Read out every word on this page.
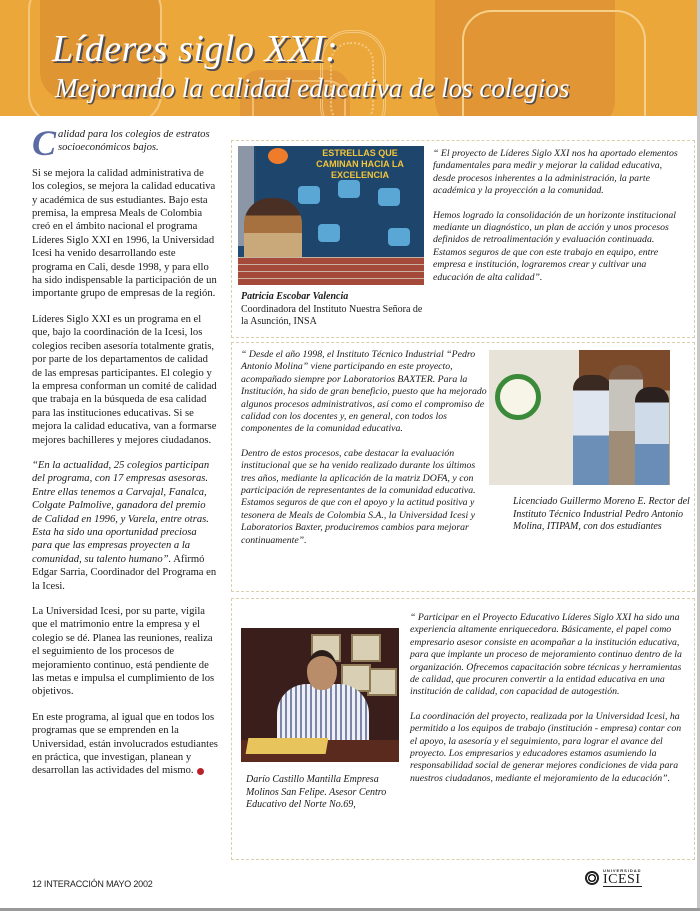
Líderes siglo XXI:
Mejorando la calidad educativa de los colegios

Calidad para los colegios de estratos socioeconómicos bajos.

Si se mejora la calidad administrativa de los colegios, se mejora la calidad educativa y académica de sus estudiantes. Bajo esta premisa, la empresa Meals de Colombia creó en el ámbito nacional el programa Líderes Siglo XXI en 1996, la Universidad Icesi ha venido desarrollando este programa en Cali, desde 1998, y para ello ha sido indispensable la participación de un importante grupo de empresas de la región.

Líderes Siglo XXI es un programa en el que, bajo la coordinación de la Icesi, los colegios reciben asesoría totalmente gratis, por parte de los departamentos de calidad de las empresas participantes. El colegio y la empresa conforman un comité de calidad que trabaja en la búsqueda de esa calidad para las instituciones educativas. Si se mejora la calidad educativa, van a formarse mejores bachilleres y mejores ciudadanos.

“En la actualidad, 25 colegios participan del programa, con 17 empresas asesoras. Entre ellas tenemos a Carvajal, Fanalca, Colgate Palmolive, ganadora del premio de Calidad en 1996, y Varela, entre otras. Esta ha sido una oportunidad preciosa para que las empresas proyecten a la comunidad, su talento humano”. Afirmó Edgar Sarria, Coordinador del Programa en la Icesi.

La Universidad Icesi, por su parte, vigila que el matrimonio entre la empresa y el colegio se dé. Planea las reuniones, realiza el seguimiento de los procesos de mejoramiento continuo, está pendiente de las metas e impulsa el cumplimiento de los objetivos.

En este programa, al igual que en todos los programas que se emprenden en la Universidad, están involucrados estudiantes en práctica, que investigan, planean y desarrollan las actividades del mismo.

12 INTERACCIÓN MAYO 2002
ESTRELLAS QUE CAMINAN HACIA LA EXCELENCIA
Patricia Escobar Valencia
Coordinadora del Instituto Nuestra Señora de la Asunción, INSA

“ El proyecto de Líderes Siglo XXI nos ha aportado elementos fundamentales para medir y mejorar la calidad educativa, desde procesos inherentes a la administración, la parte académica y la proyección a la comunidad.

Hemos logrado la consolidación de un horizonte institucional mediante un diagnóstico, un plan de acción y unos procesos definidos de retroalimentación y evaluación continuada. Estamos seguros de que con este trabajo en equipo, entre empresa e institución, lograremos crear y cultivar una educación de alta calidad”.

“ Desde el año 1998, el Instituto Técnico Industrial “Pedro Antonio Molina” viene participando en este proyecto, acompañado siempre por Laboratorios BAXTER. Para la Institución, ha sido de gran beneficio, puesto que ha mejorado algunos procesos administrativos, así como el compromiso de calidad con los docentes y, en general, con todos los componentes de la comunidad educativa.

Dentro de estos procesos, cabe destacar la evaluación institucional que se ha venido realizado durante los últimos tres años, mediante la aplicación de la matriz DOFA, y con participación de representantes de la comunidad educativa. Estamos seguros de que con el apoyo y la actitud positiva y tesonera de Meals de Colombia S.A., la Universidad Icesi y Laboratorios Baxter, produciremos cambios para mejorar continuamente”.

Licenciado Guillermo Moreno E. Rector del Instituto Técnico Industrial Pedro Antonio Molina, ITIPAM, con dos estudiantes
Darío Castillo Mantilla Empresa Molinos San Felipe. Asesor Centro Educativo del Norte No.69,

“ Participar en el Proyecto Educativo Líderes Siglo XXI ha sido una experiencia altamente enriquecedora. Básicamente, el papel como empresario asesor consiste en acompañar a la institución educativa, para que implante un proceso de mejoramiento continuo dentro de la organización. Ofrecemos capacitación sobre técnicas y herramientas de calidad, que procuren convertir a la entidad educativa en una institución de calidad, con capacidad de autogestión.

La coordinación del proyecto, realizada por la Universidad Icesi, ha permitido a los equipos de trabajo (institución - empresa) contar con el apoyo, la asesoría y el seguimiento, para lograr el avance del proyecto. Los empresarios y educadores estamos asumiendo la responsabilidad social de generar mejores condiciones de vida para nuestros ciudadanos, mediante el mejoramiento de la educación”.

UNIVERSIDAD
ICESI
